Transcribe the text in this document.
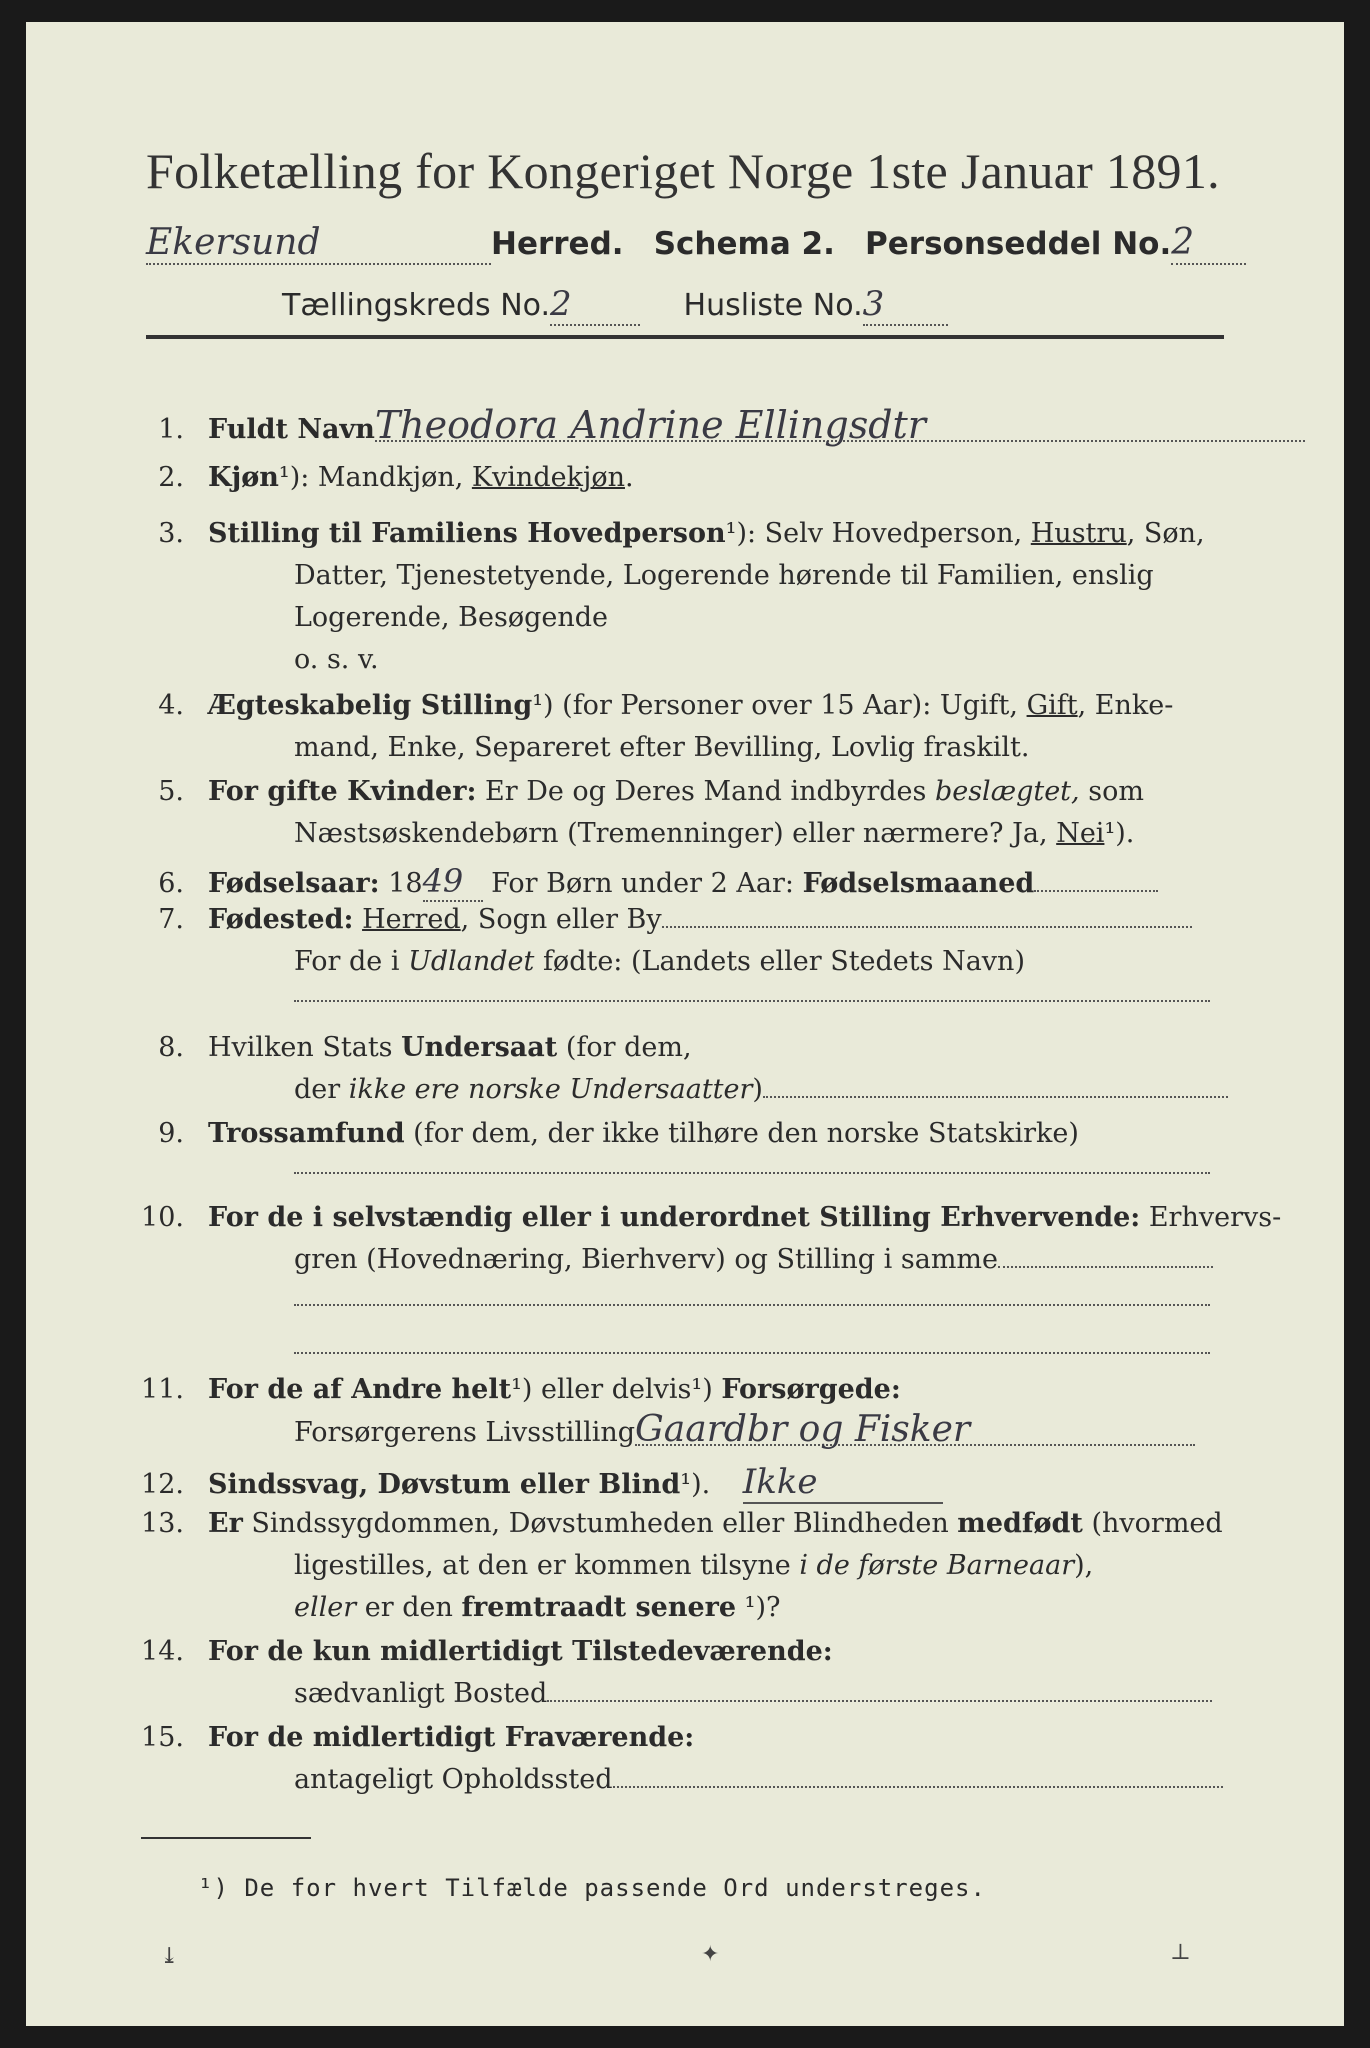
Folketælling for Kongeriget Norge 1ste Januar 1891.
Ekersund	Herred. Schema 2. Personseddel No.2
Tællingskreds No.2	Husliste No.3
1. Fuldt NavnTheodora Andrine Ellingsdtr
2. Kjøn¹): Mandkjøn, Kvindekjøn.
3. Stilling til Familiens Hovedperson¹): Selv Hovedperson, Hustru, Søn,
Datter, Tjenestetyende, Logerende hørende til Familien, enslig
Logerende, Besøgende
o. s. v.
4. Ægteskabelig Stilling¹) (for Personer over 15 Aar): Ugift, Gift, Enke-
mand, Enke, Separeret efter Bevilling, Lovlig fraskilt.
5. For gifte Kvinder: Er De og Deres Mand indbyrdes beslægtet, som
Næstsøskendebørn (Tremenninger) eller nærmere? Ja, Nei¹).
6. Fødselsaar: 1849 For Børn under 2 Aar: Fødselsmaaned
7. Fødested: Herred, Sogn eller By
For de i Udlandet fødte: (Landets eller Stedets Navn)
8. Hvilken Stats Undersaat (for dem,
der ikke ere norske Undersaatter)
9. Trossamfund (for dem, der ikke tilhøre den norske Statskirke)
10. For de i selvstændig eller i underordnet Stilling Erhvervende: Erhvervs-
gren (Hovednæring, Bierhverv) og Stilling i samme
11. For de af Andre helt¹) eller delvis¹) Forsørgede:
Forsørgerens LivsstillingGaardbr og Fisker
12. Sindssvag, Døvstum eller Blind¹). Ikke
13. Er Sindssygdommen, Døvstumheden eller Blindheden medfødt (hvormed
ligestilles, at den er kommen tilsyne i de første Barneaar),
eller er den fremtraadt senere ¹)?
14. For de kun midlertidigt Tilstedeværende:
sædvanligt Bosted
15. For de midlertidigt Fraværende:
antageligt Opholdssted
¹) De for hvert Tilfælde passende Ord understreges.
⤓	✦	⊥
